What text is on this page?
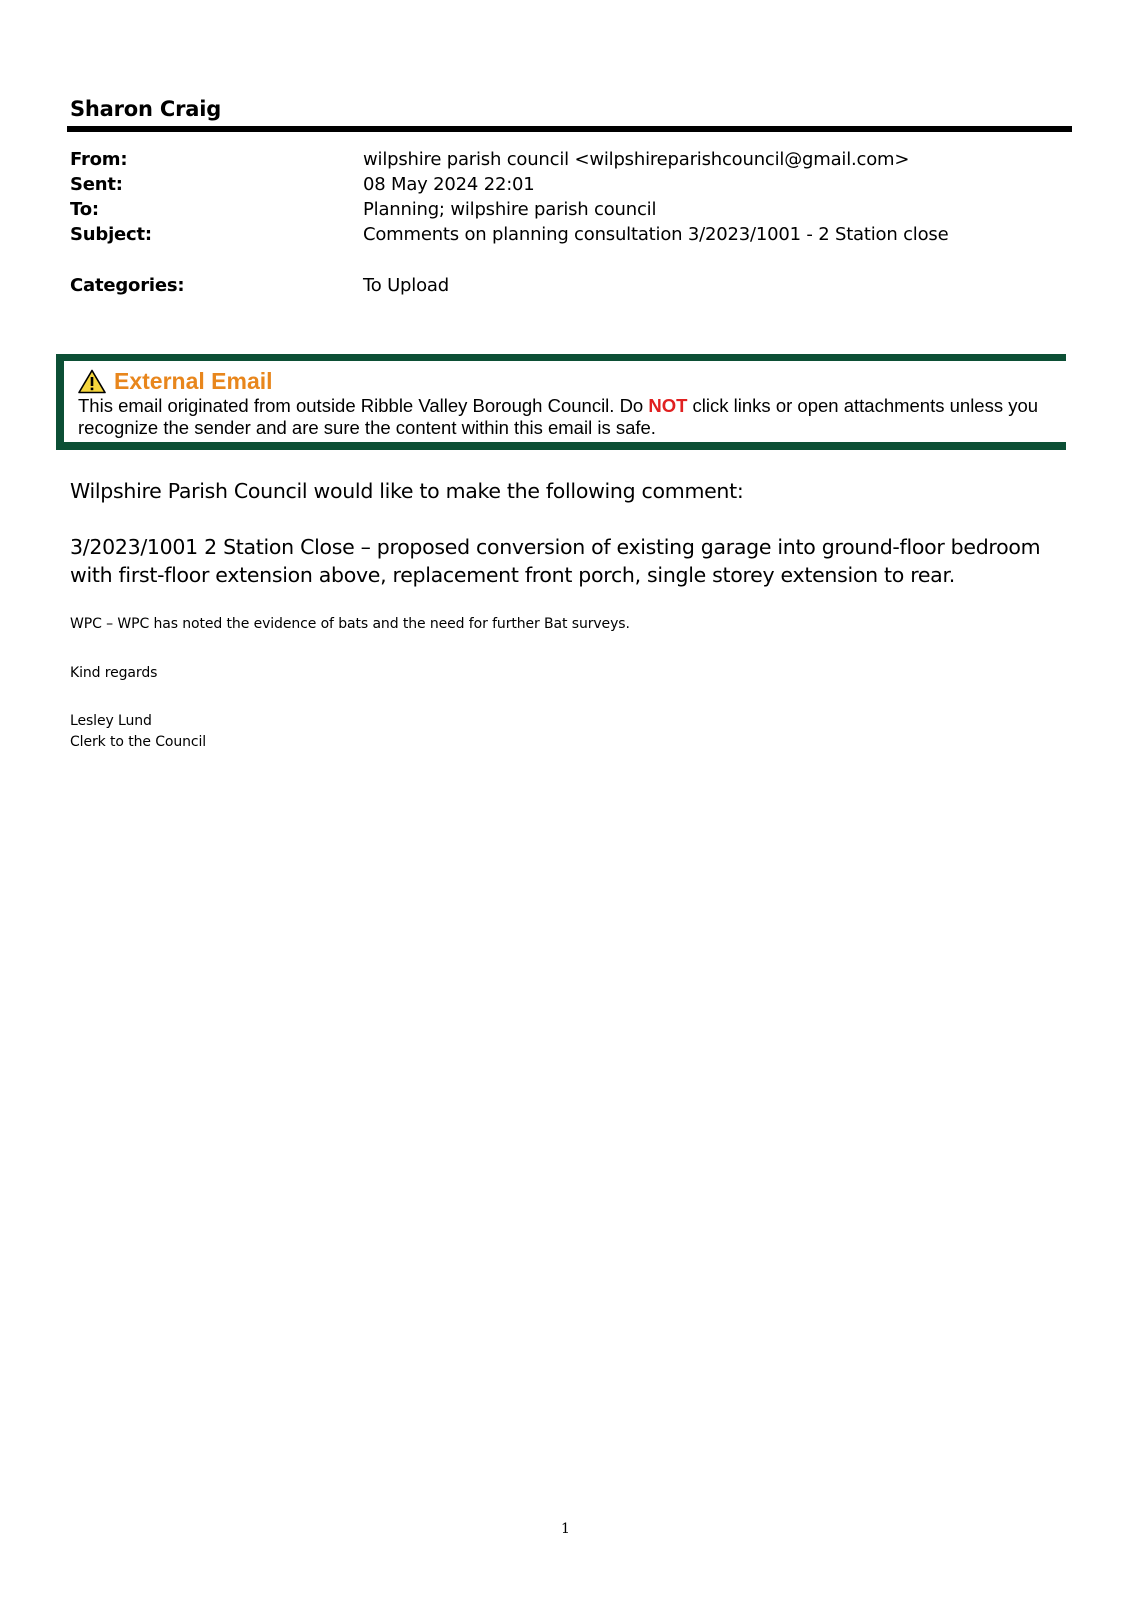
Sharon Craig
From:	wilpshire parish council <wilpshireparishcouncil@gmail.com>
Sent:	08 May 2024 22:01
To:	Planning; wilpshire parish council
Subject:	Comments on planning consultation 3/2023/1001 - 2 Station close
Categories:	To Upload
External Email
This email originated from outside Ribble Valley Borough Council. Do NOT click links or open attachments unless you recognize the sender and are sure the content within this email is safe.
Wilpshire Parish Council would like to make the following comment:
3/2023/1001 2 Station Close – proposed conversion of existing garage into ground-floor bedroom with first-floor extension above, replacement front porch, single storey extension to rear.
WPC – WPC has noted the evidence of bats and the need for further Bat surveys.
Kind regards
Lesley Lund
Clerk to the Council
1
